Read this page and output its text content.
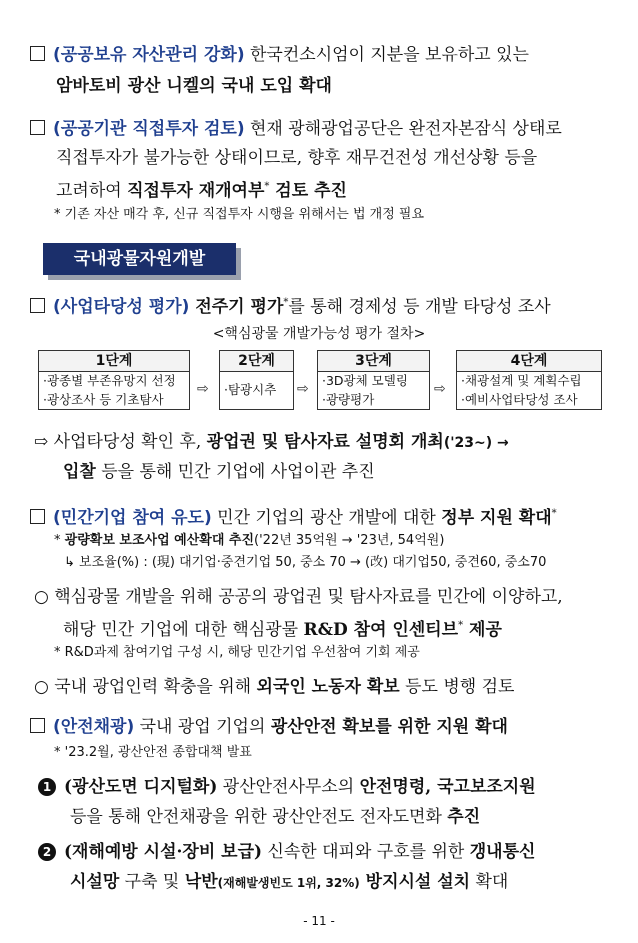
(공공보유 자산관리 강화) 한국컨소시엄이 지분을 보유하고 있는
암바토비 광산 니켈의 국내 도입 확대
(공공기관 직접투자 검토) 현재 광해광업공단은 완전자본잠식 상태로
직접투자가 불가능한 상태이므로, 향후 재무건전성 개선상황 등을
고려하여 직접투자 재개여부* 검토 추진
* 기존 자산 매각 후, 신규 직접투자 시행을 위해서는 법 개정 필요
국내광물자원개발
(사업타당성 평가) 전주기 평가*를 통해 경제성 등 개발 타당성 조사
<핵심광물 개발가능성 평가 절차>
1단계
·광종별 부존유망지 선정
·광상조사 등 기초탐사
⇨
2단계
·탐광시추	⇨
3단계
·3D광체 모델링
·광량평가
⇨
4단계
·채광설계 및 계획수립
·예비사업타당성 조사
⇨ 사업타당성 확인 후, 광업권 및 탐사자료 설명회 개최('23~) →
입찰 등을 통해 민간 기업에 사업이관 추진
(민간기업 참여 유도) 민간 기업의 광산 개발에 대한 정부 지원 확대*
* 광량확보 보조사업 예산확대 추진('22년 35억원 → '23년, 54억원)
↳ 보조율(%) : (現) 대기업·중견기업 50, 중소 70 → (改) 대기업50, 중견60, 중소70
○ 핵심광물 개발을 위해 공공의 광업권 및 탐사자료를 민간에 이양하고,
해당 민간 기업에 대한 핵심광물 R&D 참여 인센티브* 제공
* R&D과제 참여기업 구성 시, 해당 민간기업 우선참여 기회 제공
○ 국내 광업인력 확충을 위해 외국인 노동자 확보 등도 병행 검토
(안전채광) 국내 광업 기업의 광산안전 확보를 위한 지원 확대
* '23.2월, 광산안전 종합대책 발표
1 (광산도면 디지털화) 광산안전사무소의 안전명령, 국고보조지원
등을 통해 안전채광을 위한 광산안전도 전자도면화 추진
2 (재해예방 시설·장비 보급) 신속한 대피와 구호를 위한 갱내통신
시설망 구축 및 낙반(재해발생빈도 1위, 32%) 방지시설 설치 확대
- 11 -
